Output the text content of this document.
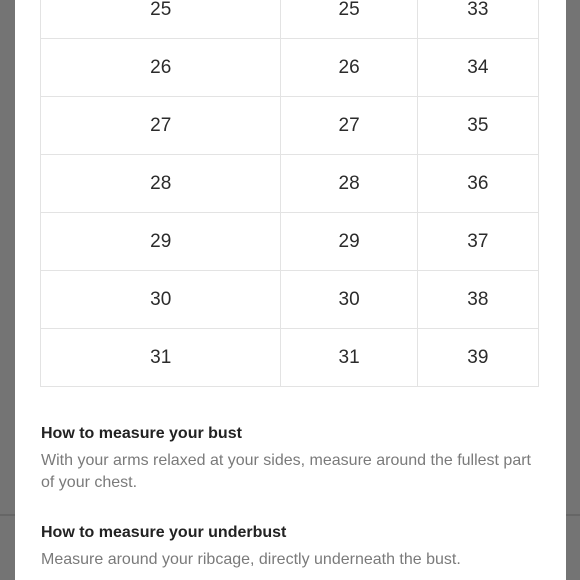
25	25	33
26	26	34
27	27	35
28	28	36
29	29	37
30	30	38
31	31	39
How to measure your bust

With your arms relaxed at your sides, measure around the fullest part of your chest.

How to measure your underbust

Measure around your ribcage, directly underneath the bust.
